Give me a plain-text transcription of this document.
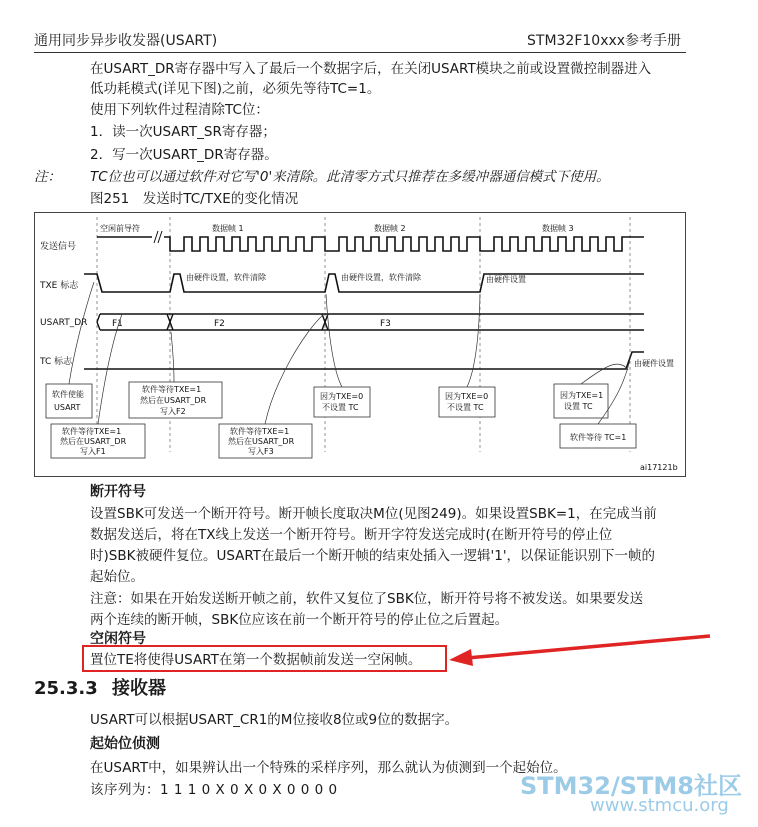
通用同步异步收发器(USART)	STM32F10xxx参考手册
在USART_DR寄存器中写入了最后一个数据字后，在关闭USART模块之前或设置微控制器进入
低功耗模式(详见下图)之前，必须先等待TC=1。
使用下列软件过程清除TC位：
1．读一次USART_SR寄存器；
2．写一次USART_DR寄存器。
注： TC位也可以通过软件对它写'0'来清除。此清零方式只推荐在多缓冲器通信模式下使用。
图251　发送时TC/TXE的变化情况
发送信号
TXE 标志
USART_DR
TC 标志
空闲前导符	数据帧 1	数据帧 2	数据帧 3
由硬件设置，软件清除	由硬件设置，软件清除	由硬件设置
F1	F2	F3
由硬件设置
软件使能
USART
软件等待TXE=1
然后在USART_DR
写入F2
因为TXE=0
不设置 TC
因为TXE=0
不设置 TC
因为TXE=1
设置 TC
软件等待TXE=1
然后在USART_DR
写入F1
软件等待TXE=1
然后在USART_DR
写入F3
软件等待 TC=1
ai17121b
断开符号
设置SBK可发送一个断开符号。断开帧长度取决M位(见图249)。如果设置SBK=1，在完成当前
数据发送后，将在TX线上发送一个断开符号。断开字符发送完成时(在断开符号的停止位
时)SBK被硬件复位。USART在最后一个断开帧的结束处插入一逻辑'1'，以保证能识别下一帧的
起始位。
注意：如果在开始发送断开帧之前，软件又复位了SBK位，断开符号将不被发送。如果要发送
两个连续的断开帧，SBK位应该在前一个断开符号的停止位之后置起。
空闲符号
置位TE将使得USART在第一个数据帧前发送一空闲帧。
25.3.3 接收器
USART可以根据USART_CR1的M位接收8位或9位的数据字。
起始位侦测
在USART中，如果辨认出一个特殊的采样序列，那么就认为侦测到一个起始位。
该序列为：1 1 1 0 X 0 X 0 X 0 0 0 0	STM32/STM8社区
www.stmcu.org
